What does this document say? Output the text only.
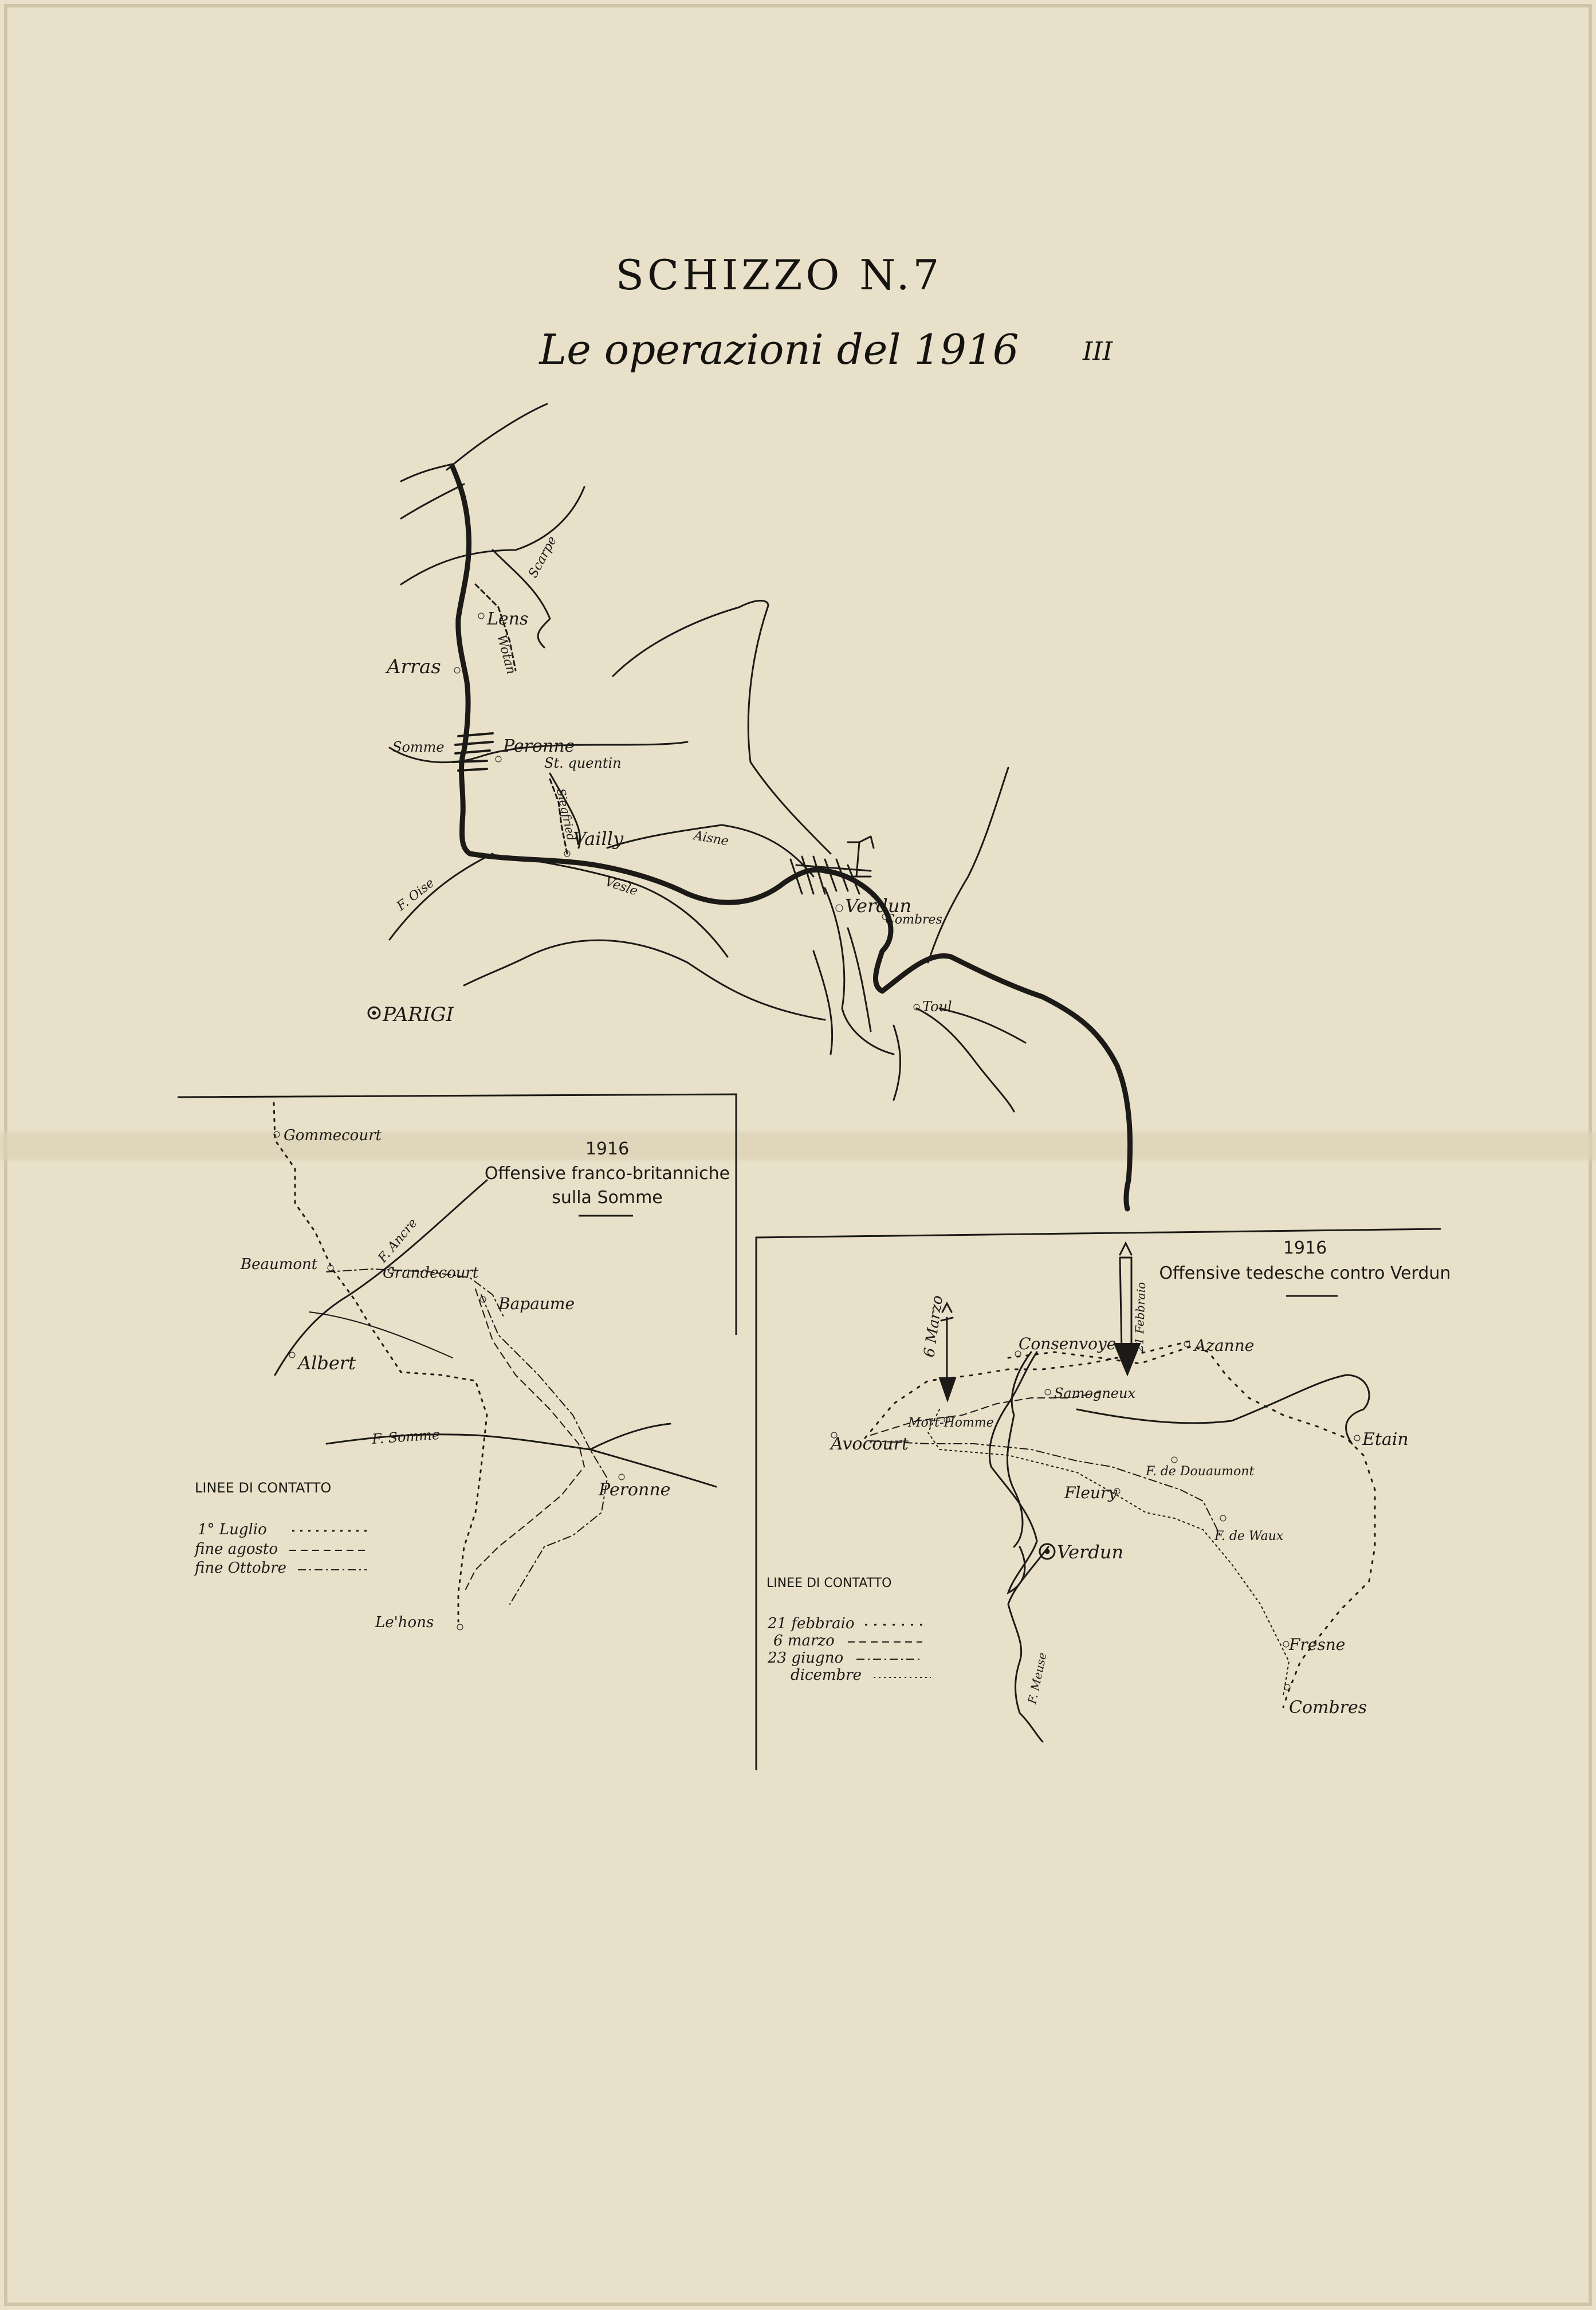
SCHIZZO N.7
Le operazioni del 1916	III
Lens
Arras
Peronne
St. quentin
Vailly
Verdun
Combres
Toul
PARIGI
Scarpe
Wotan
Somme
Siegfried	Aisne
Vesle
F. Oise
1916
Offensive franco-britanniche
sulla Somme
Gommecourt
Beaumont	Grandecourt
Bapaume
Albert
Peronne
Le'hons
F. Ancre
F. Somme
LINEE DI CONTATTO
1° Luglio
fine agosto
fine Ottobre
1916
Offensive tedesche contro Verdun
Consenvoye	Azanne
Samogneux
Mort-Homme
Avocourt	Etain
F. de Douaumont
Fleury
F. de Waux
Verdun
Fresne
Combres
6 Marzo	21 Febbraio
F. Meuse
LINEE DI CONTATTO
21 febbraio
6 marzo
23 giugno
dicembre
